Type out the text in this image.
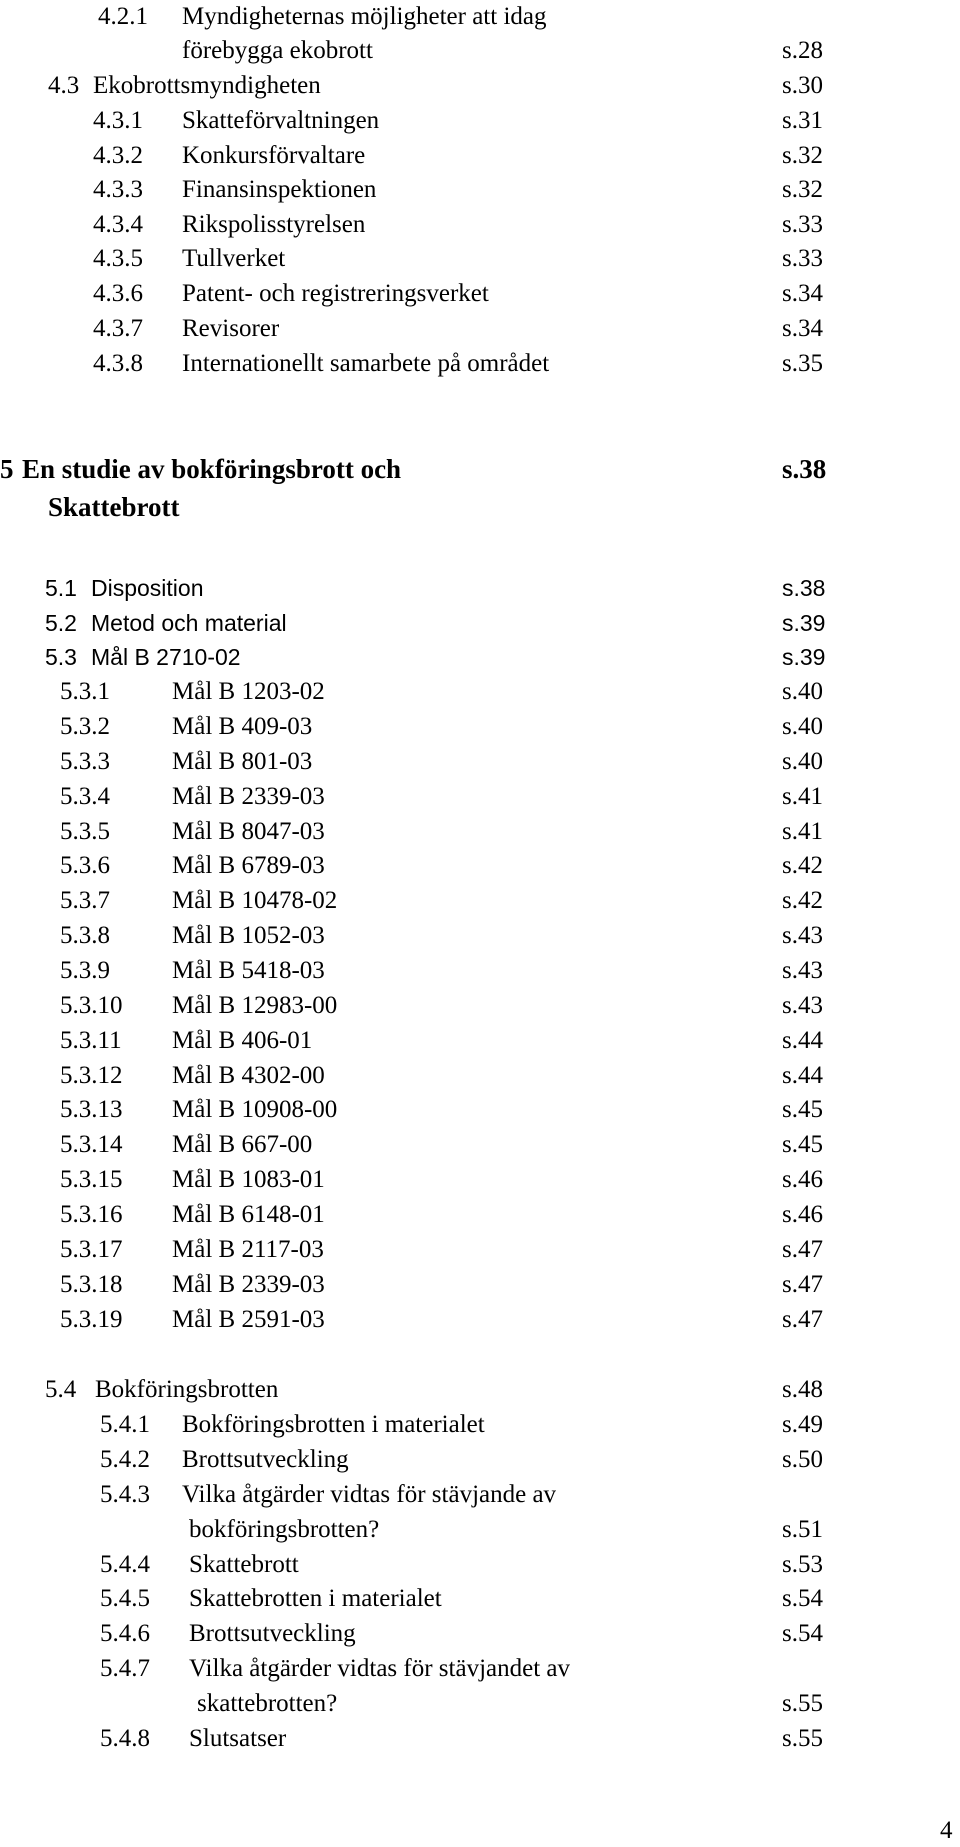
4.2.1 Myndigheternas möjligheter att idag
förebygga ekobrott	s.28
4.3 Ekobrottsmyndigheten	s.30
4.3.1 Skatteförvaltningen	s.31
4.3.2 Konkursförvaltare	s.32
4.3.3 Finansinspektionen	s.32
4.3.4 Rikspolisstyrelsen	s.33
4.3.5 Tullverket	s.33
4.3.6 Patent- och registreringsverket	s.34
4.3.7 Revisorer	s.34
4.3.8 Internationellt samarbete på området	s.35
5 En studie av bokföringsbrott och	s.38
Skattebrott
5.1 Disposition	s.38
5.2 Metod och material	s.39
5.3 Mål B 2710-02	s.39
5.3.1 Mål B 1203-02	s.40
5.3.2 Mål B 409-03	s.40
5.3.3 Mål B 801-03	s.40
5.3.4 Mål B 2339-03	s.41
5.3.5 Mål B 8047-03	s.41
5.3.6 Mål B 6789-03	s.42
5.3.7 Mål B 10478-02	s.42
5.3.8 Mål B 1052-03	s.43
5.3.9 Mål B 5418-03	s.43
5.3.10 Mål B 12983-00	s.43
5.3.11 Mål B 406-01	s.44
5.3.12 Mål B 4302-00	s.44
5.3.13 Mål B 10908-00	s.45
5.3.14 Mål B 667-00	s.45
5.3.15 Mål B 1083-01	s.46
5.3.16 Mål B 6148-01	s.46
5.3.17 Mål B 2117-03	s.47
5.3.18 Mål B 2339-03	s.47
5.3.19 Mål B 2591-03	s.47
5.4 Bokföringsbrotten	s.48
5.4.1 Bokföringsbrotten i materialet	s.49
5.4.2 Brottsutveckling	s.50
5.4.3 Vilka åtgärder vidtas för stävjande av
bokföringsbrotten?	s.51
5.4.4 Skattebrott	s.53
5.4.5 Skattebrotten i materialet	s.54
5.4.6 Brottsutveckling	s.54
5.4.7 Vilka åtgärder vidtas för stävjandet av
skattebrotten?	s.55
5.4.8 Slutsatser	s.55
4
